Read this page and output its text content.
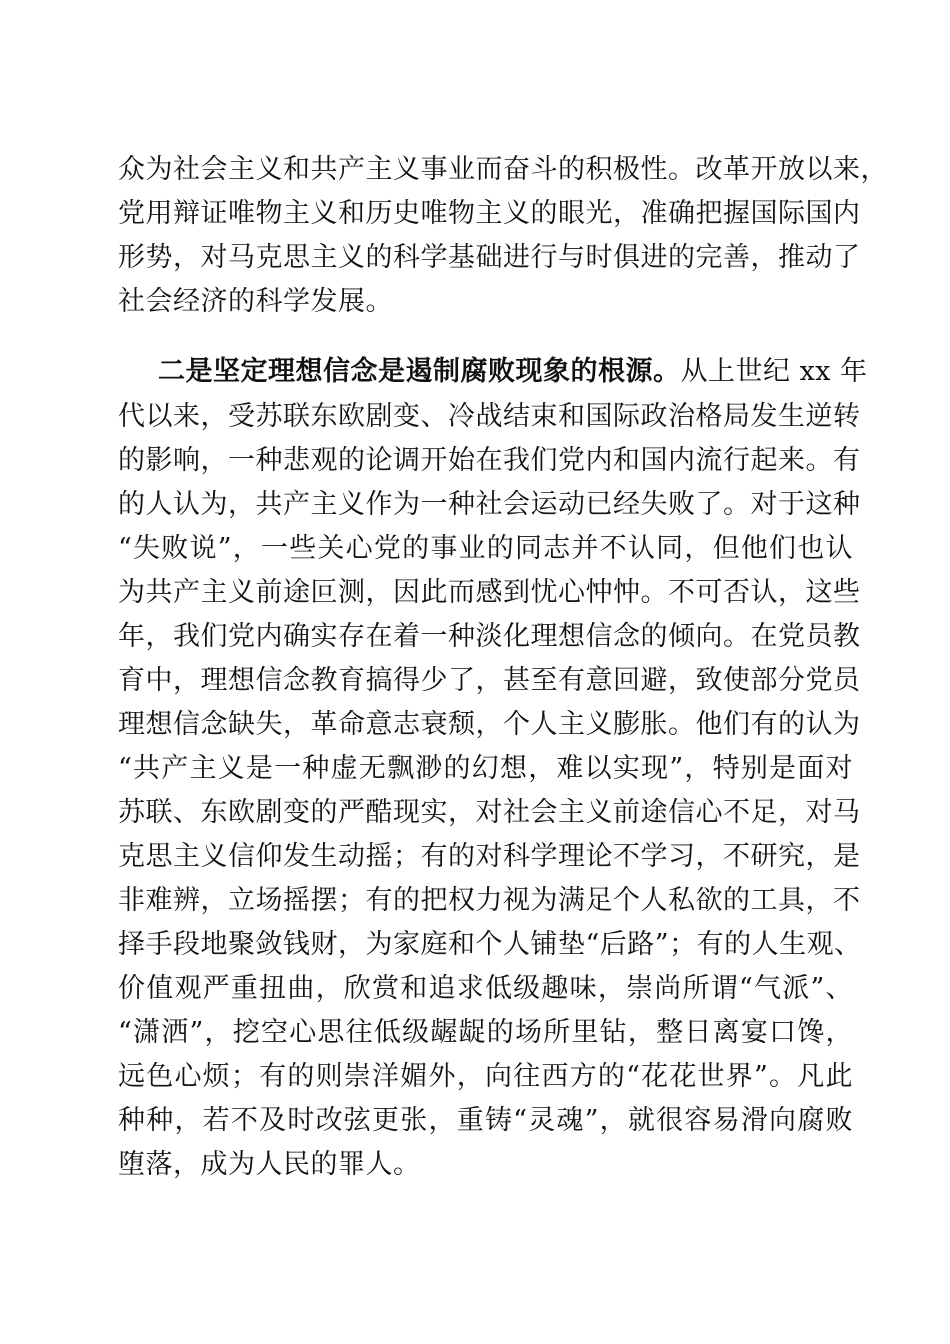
众为社会主义和共产主义事业而奋斗的积极性。改革开放以来，
党用辩证唯物主义和历史唯物主义的眼光，准确把握国际国内
形势，对马克思主义的科学基础进行与时俱进的完善，推动了
社会经济的科学发展。
二是坚定理想信念是遏制腐败现象的根源。从上世纪 xx 年
代以来，受苏联东欧剧变、冷战结束和国际政治格局发生逆转
的影响，一种悲观的论调开始在我们党内和国内流行起来。有
的人认为，共产主义作为一种社会运动已经失败了。对于这种
“失败说”，一些关心党的事业的同志并不认同，但他们也认
为共产主义前途叵测，因此而感到忧心忡忡。不可否认，这些
年，我们党内确实存在着一种淡化理想信念的倾向。在党员教
育中，理想信念教育搞得少了，甚至有意回避，致使部分党员
理想信念缺失，革命意志衰颓，个人主义膨胀。他们有的认为
“共产主义是一种虚无飘渺的幻想，难以实现”，特别是面对
苏联、东欧剧变的严酷现实，对社会主义前途信心不足，对马
克思主义信仰发生动摇；有的对科学理论不学习，不研究，是
非难辨，立场摇摆；有的把权力视为满足个人私欲的工具，不
择手段地聚敛钱财，为家庭和个人铺垫“后路”；有的人生观、
价值观严重扭曲，欣赏和追求低级趣味，崇尚所谓“气派”、
“潇洒”，挖空心思往低级龌龊的场所里钻，整日离宴口馋，
远色心烦；有的则崇洋媚外，向往西方的“花花世界”。凡此
种种，若不及时改弦更张，重铸“灵魂”，就很容易滑向腐败
堕落，成为人民的罪人。
